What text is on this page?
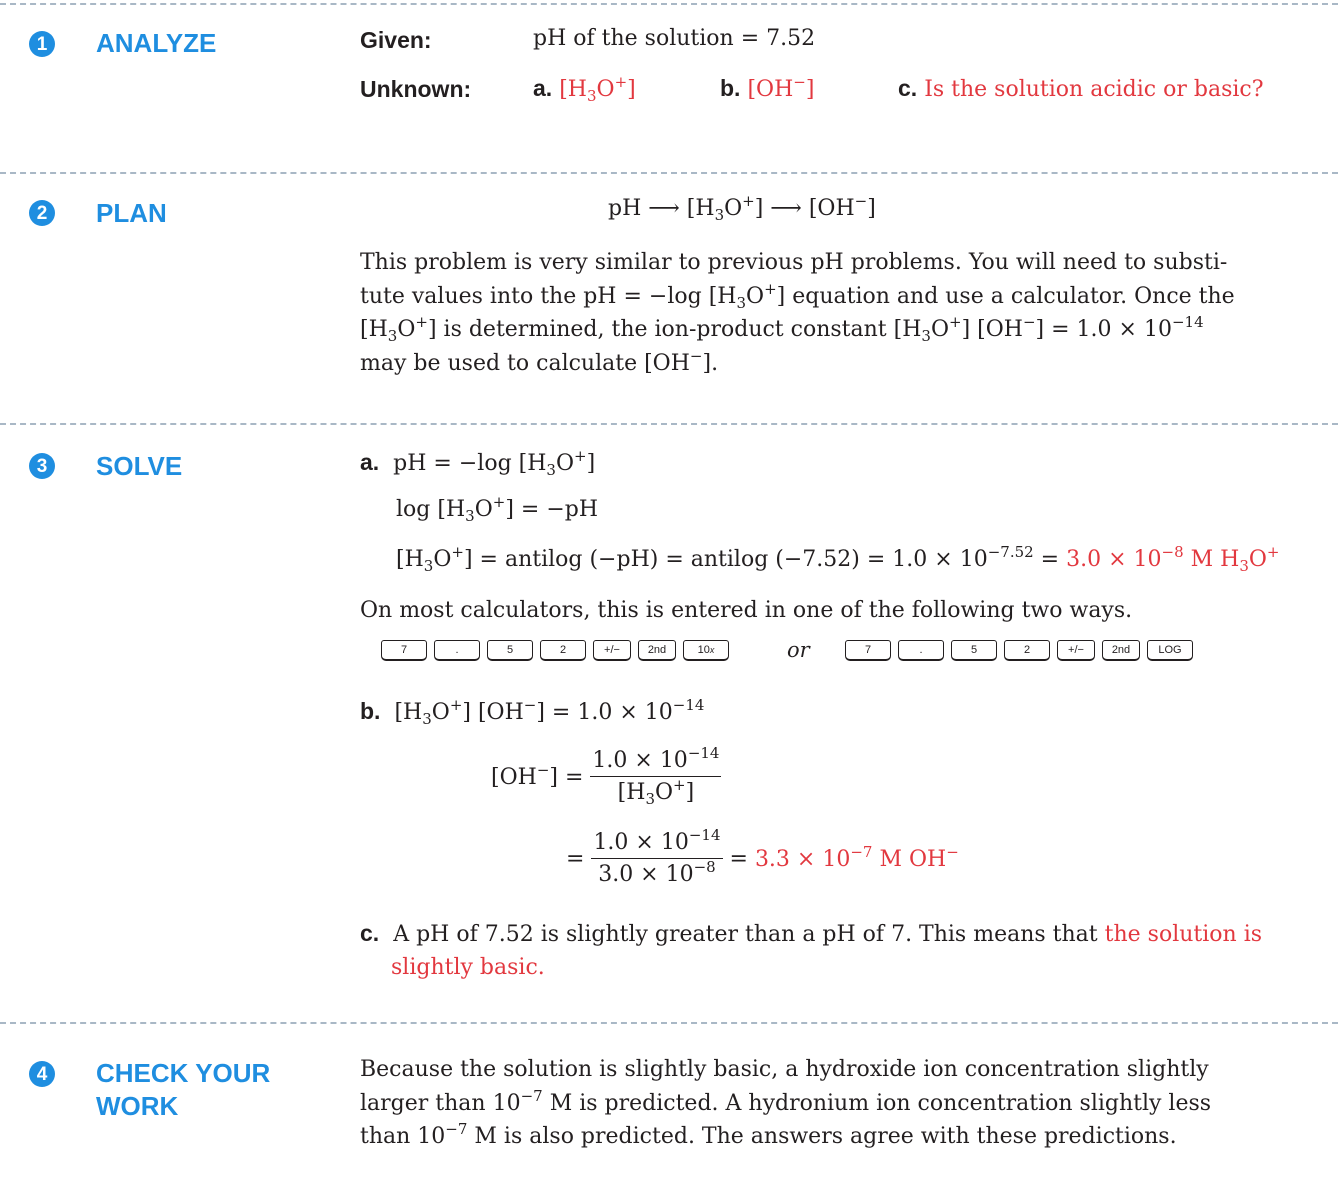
1 ANALYZE	Given:	pH of the solution = 7.52
Unknown:	a. $[H_3O^+]$	b. [OH−]	c. Is the solution acidic or basic?
2 PLAN	pH ⟶ $[H_3O^+]$ ⟶ [OH−]
This problem is very similar to previous pH problems. You will need to substi-
tute values into the pH = −log $[H_3O^+]$ equation and use a calculator. Once the
$[H_3O^+]$ is determined, the ion-product constant $[H_3O^+] [OH^-] = 1.0 \times 10^{-14}$
may be used to calculate [OH−].
3 SOLVE	a.  pH = −log $[H_3O^+]$
$\log [H_3O^+] = -pH$
$[H_3O^+]$ = antilog (−pH) = antilog $(-7.52) = 1.0 \times 10^{-7.52} = 3.0 \times 10^{-8}$ M $H_3O^+$
On most calculators, this is entered in one of the following two ways.
7	.	5	2	+/−	2nd	10 x	or	7	.	5	2	+/−	2nd	LOG
b.  $[H_3O^+] [OH^-] = 1.0 \times 10^{-14}$
$[OH^-] = \frac{1.0 \times 10^{-14}}{[H_3O^+]}$
= $\frac{1.0 \times 10^{-14}}{3.0 \times 10^{-8}} = 3.3 \times 10^{-7}$ M OH−
c. A pH of 7.52 is slightly greater than a pH of 7. This means that the solution is
slightly basic.
4 CHECK YOUR
WORK
Because the solution is slightly basic, a hydroxide ion concentration slightly
larger than $10^{-7}$ M is predicted. A hydronium ion concentration slightly less
than $10^{-7}$ M is also predicted. The answers agree with these predictions.
